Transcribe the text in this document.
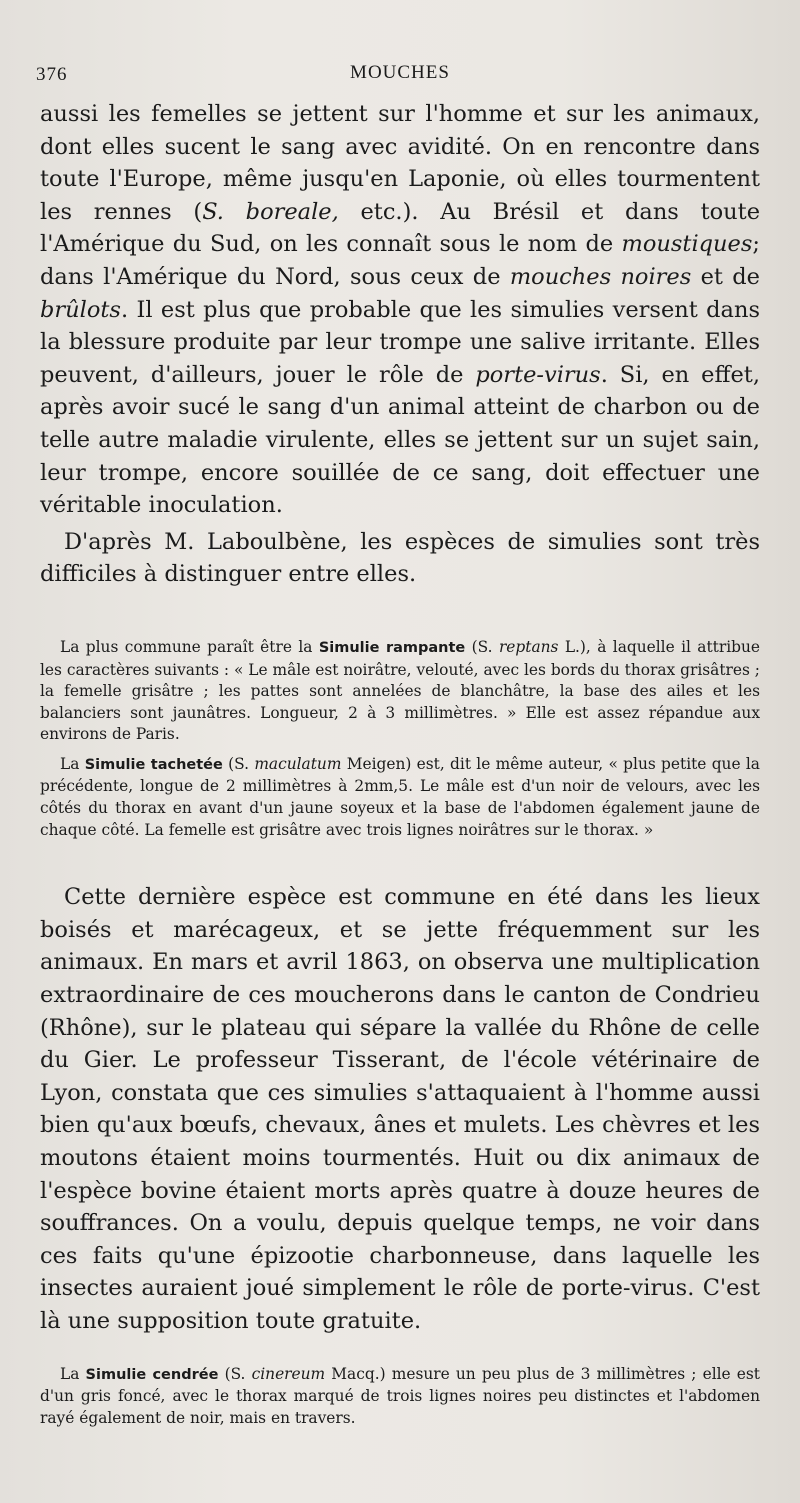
376	MOUCHES

aussi les femelles se jettent sur l'homme et sur les animaux, dont elles sucent le sang avec avidité. On en rencontre dans toute l'Europe, même jusqu'en Laponie, où elles tourmentent les rennes (S. boreale, etc.). Au Brésil et dans toute l'Amérique du Sud, on les connaît sous le nom de moustiques; dans l'Amérique du Nord, sous ceux de mouches noires et de brûlots. Il est plus que probable que les simulies versent dans la blessure produite par leur trompe une salive irritante. Elles peuvent, d'ailleurs, jouer le rôle de porte-virus. Si, en effet, après avoir sucé le sang d'un animal atteint de charbon ou de telle autre maladie virulente, elles se jettent sur un sujet sain, leur trompe, encore souillée de ce sang, doit effectuer une véritable inoculation.

D'après M. Laboulbène, les espèces de simulies sont très difficiles à distinguer entre elles.

La plus commune paraît être la Simulie rampante (S. reptans L.), à laquelle il attribue les caractères suivants : « Le mâle est noirâtre, velouté, avec les bords du thorax grisâtres ; la femelle grisâtre ; les pattes sont annelées de blanchâtre, la base des ailes et les balanciers sont jaunâtres. Longueur, 2 à 3 millimètres. » Elle est assez répandue aux environs de Paris.

La Simulie tachetée (S. maculatum Meigen) est, dit le même auteur, « plus petite que la précédente, longue de 2 millimètres à 2mm,5. Le mâle est d'un noir de velours, avec les côtés du thorax en avant d'un jaune soyeux et la base de l'abdomen également jaune de chaque côté. La femelle est grisâtre avec trois lignes noirâtres sur le thorax. »

Cette dernière espèce est commune en été dans les lieux boisés et marécageux, et se jette fréquemment sur les animaux. En mars et avril 1863, on observa une multiplication extraordinaire de ces moucherons dans le canton de Condrieu (Rhône), sur le plateau qui sépare la vallée du Rhône de celle du Gier. Le professeur Tisserant, de l'école vétérinaire de Lyon, constata que ces simulies s'attaquaient à l'homme aussi bien qu'aux bœufs, chevaux, ânes et mulets. Les chèvres et les moutons étaient moins tourmentés. Huit ou dix animaux de l'espèce bovine étaient morts après quatre à douze heures de souffrances. On a voulu, depuis quelque temps, ne voir dans ces faits qu'une épizootie charbonneuse, dans laquelle les insectes auraient joué simplement le rôle de porte-virus. C'est là une supposition toute gratuite.

La Simulie cendrée (S. cinereum Macq.) mesure un peu plus de 3 millimètres ; elle est d'un gris foncé, avec le thorax marqué de trois lignes noires peu distinctes et l'abdomen rayé également de noir, mais en travers.
